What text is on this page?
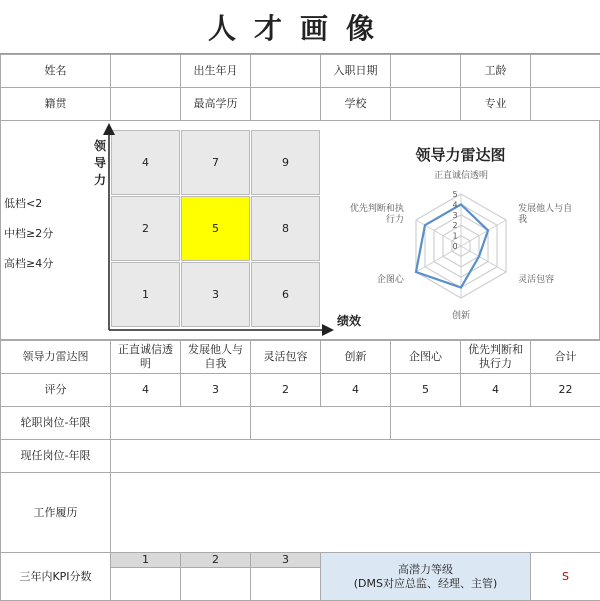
人才画像
姓名		出生年月		入职日期		工龄	
籍贯		最高学历		学校		专业	
低档<2
中档≥2分
高档≥4分
领导力
4	7	9
2	5	8
1	3	6
绩效
领导力雷达图
0
1
2
3
4
5
正直诚信透明
发展他人与自我
灵活包容
创新
企图心
优先判断和执行力
领导力雷达图	正直诚信透明	发展他人与自我	灵活包容	创新	企图心	优先判断和执行力	合计
评分	4	3	2	4	5	4	22
轮职岗位-年限							
现任岗位-年限							
工作履历							
三年内KPI分数	1	2	3	高潜力等级
(DMS对应总监、经理、主管)	S
